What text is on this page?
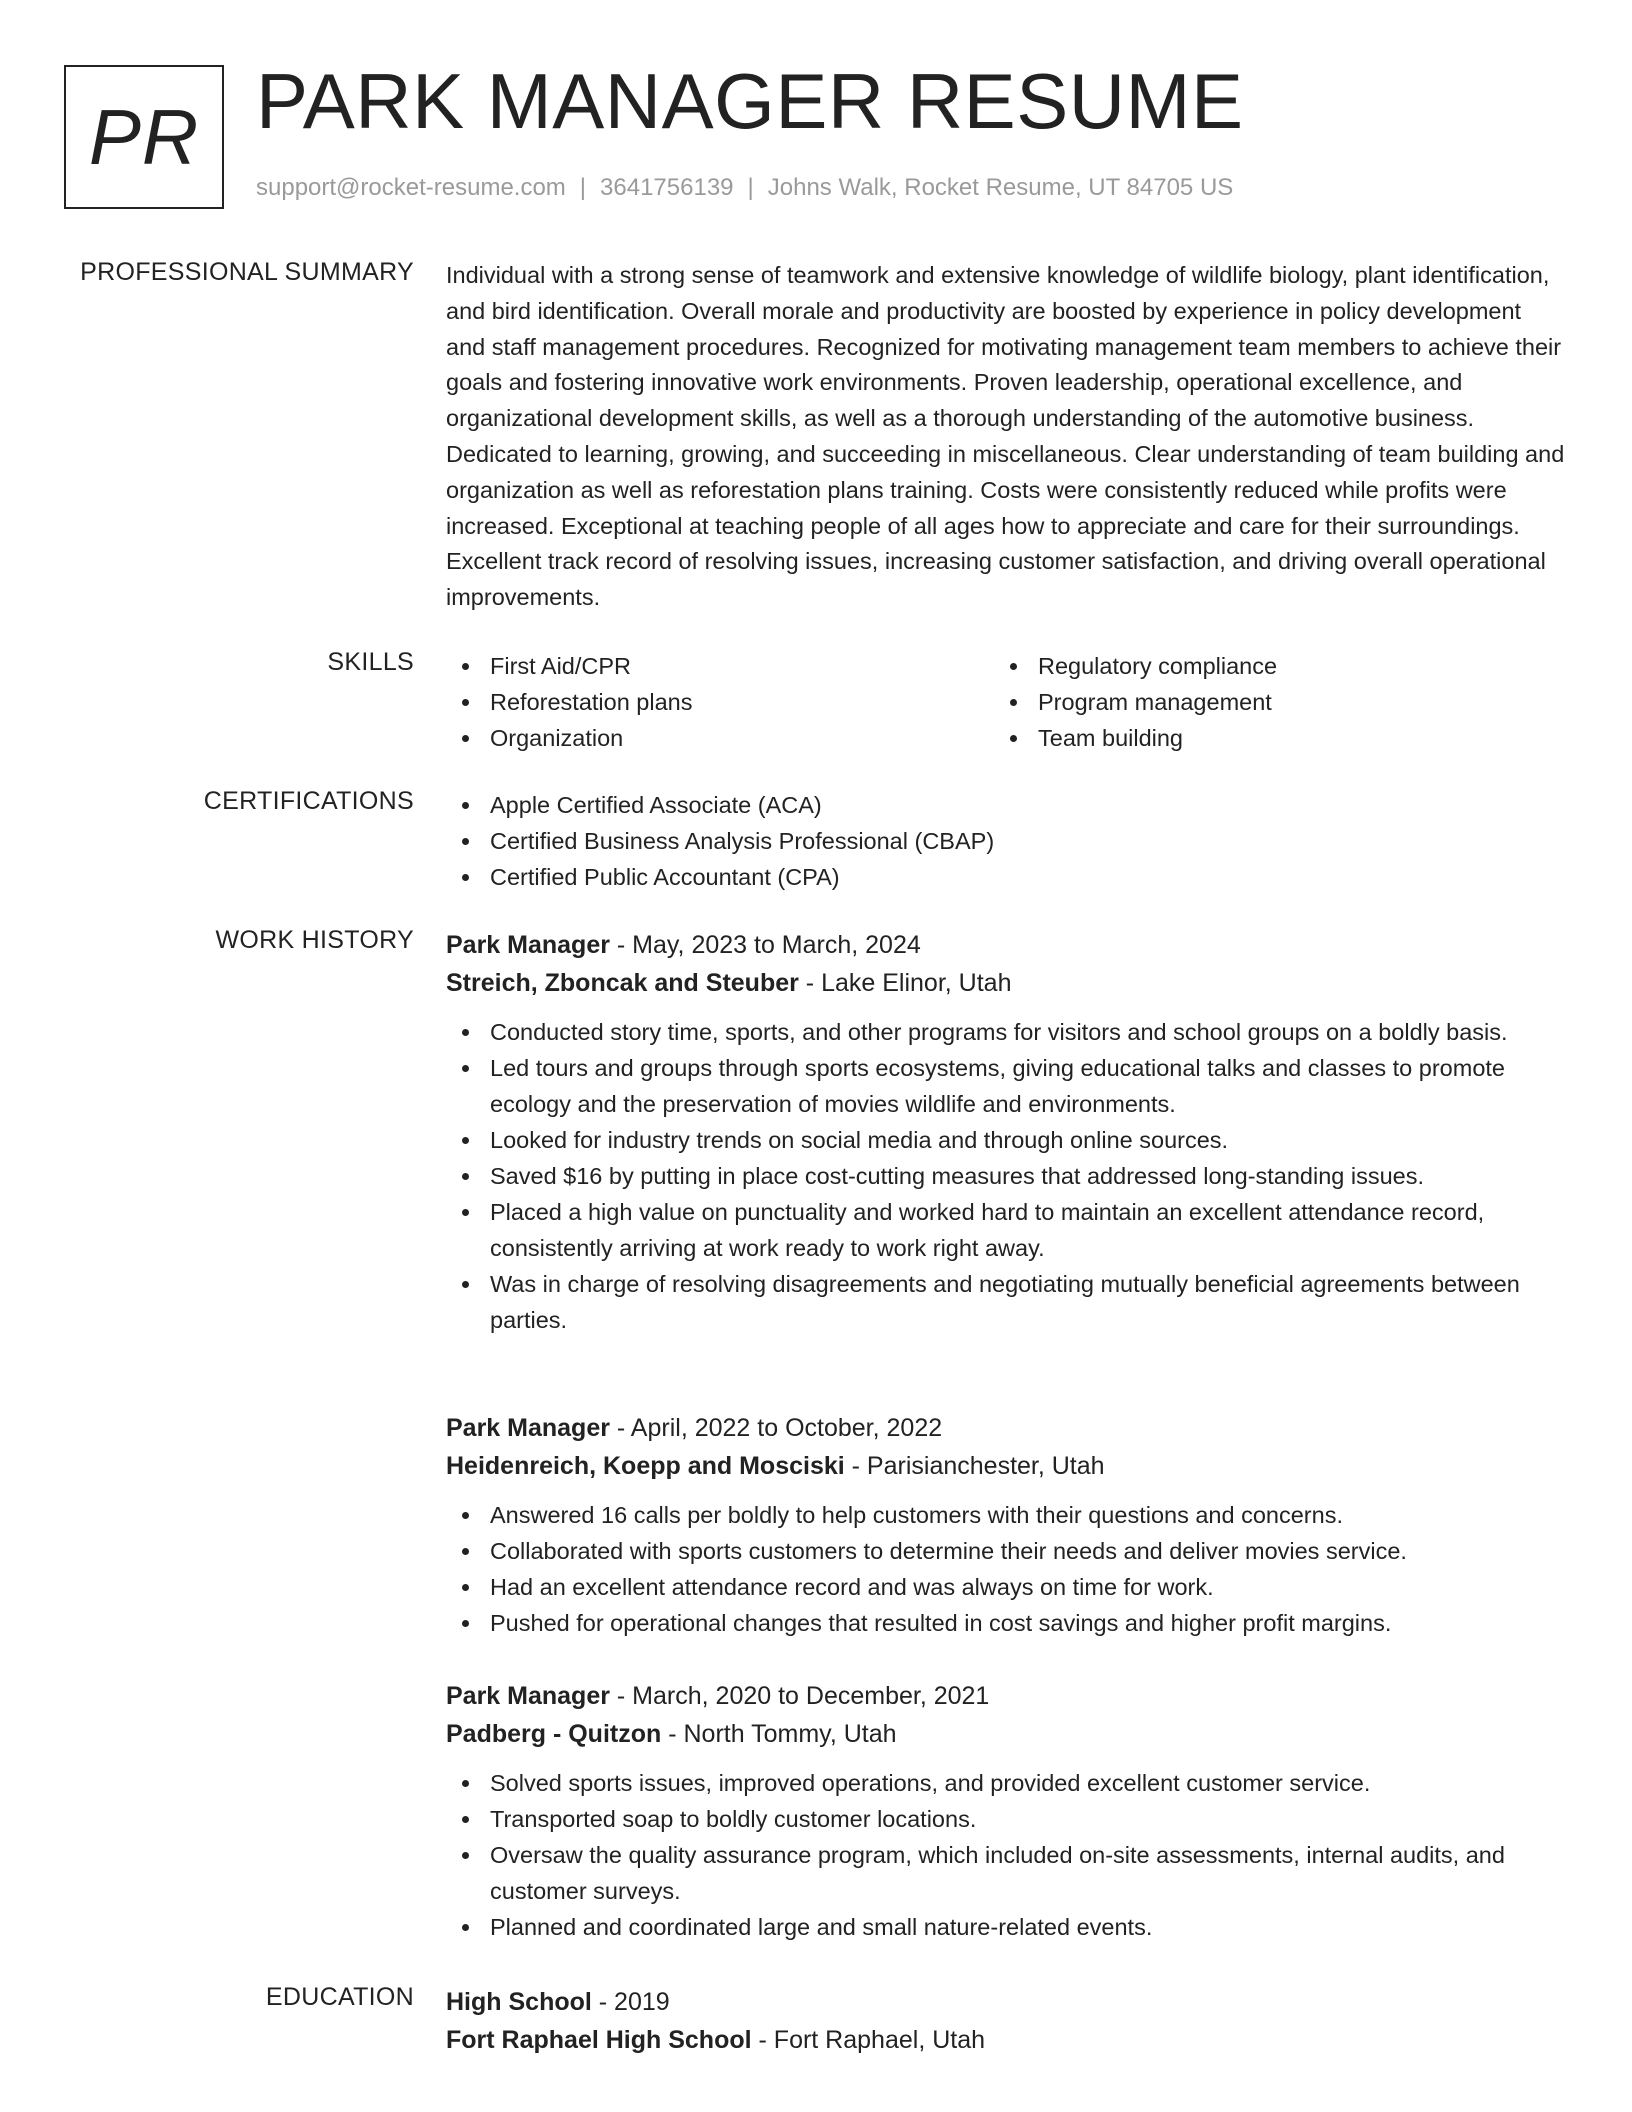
PR PARK MANAGER RESUME
support@rocket-resume.com | 3641756139 | Johns Walk, Rocket Resume, UT 84705 US
PROFESSIONAL SUMMARY Individual with a strong sense of teamwork and extensive knowledge of wildlife biology, plant identification, and bird identification. Overall morale and productivity are boosted by experience in policy development and staff management procedures. Recognized for motivating management team members to achieve their goals and fostering innovative work environments. Proven leadership, operational excellence, and organizational development skills, as well as a thorough understanding of the automotive business. Dedicated to learning, growing, and succeeding in miscellaneous. Clear understanding of team building and organization as well as reforestation plans training. Costs were consistently reduced while profits were increased. Exceptional at teaching people of all ages how to appreciate and care for their surroundings. Excellent track record of resolving issues, increasing customer satisfaction, and driving overall operational improvements.
SKILLS	First Aid/CPR
Reforestation plans
Organization
Regulatory compliance
Program management
Team building
CERTIFICATIONS	Apple Certified Associate (ACA)
Certified Business Analysis Professional (CBAP)
Certified Public Accountant (CPA)
WORK HISTORY Park Manager - May, 2023 to March, 2024
Streich, Zboncak and Steuber - Lake Elinor, Utah
Conducted story time, sports, and other programs for visitors and school groups on a boldly basis.
Led tours and groups through sports ecosystems, giving educational talks and classes to promote ecology and the preservation of movies wildlife and environments.
Looked for industry trends on social media and through online sources.
Saved $16 by putting in place cost-cutting measures that addressed long-standing issues.
Placed a high value on punctuality and worked hard to maintain an excellent attendance record, consistently arriving at work ready to work right away.
Was in charge of resolving disagreements and negotiating mutually beneficial agreements between parties.
Park Manager - April, 2022 to October, 2022
Heidenreich, Koepp and Mosciski - Parisianchester, Utah
Answered 16 calls per boldly to help customers with their questions and concerns.
Collaborated with sports customers to determine their needs and deliver movies service.
Had an excellent attendance record and was always on time for work.
Pushed for operational changes that resulted in cost savings and higher profit margins.
Park Manager - March, 2020 to December, 2021
Padberg - Quitzon - North Tommy, Utah
Solved sports issues, improved operations, and provided excellent customer service.
Transported soap to boldly customer locations.
Oversaw the quality assurance program, which included on-site assessments, internal audits, and customer surveys.
Planned and coordinated large and small nature-related events.
EDUCATION High School - 2019
Fort Raphael High School - Fort Raphael, Utah
